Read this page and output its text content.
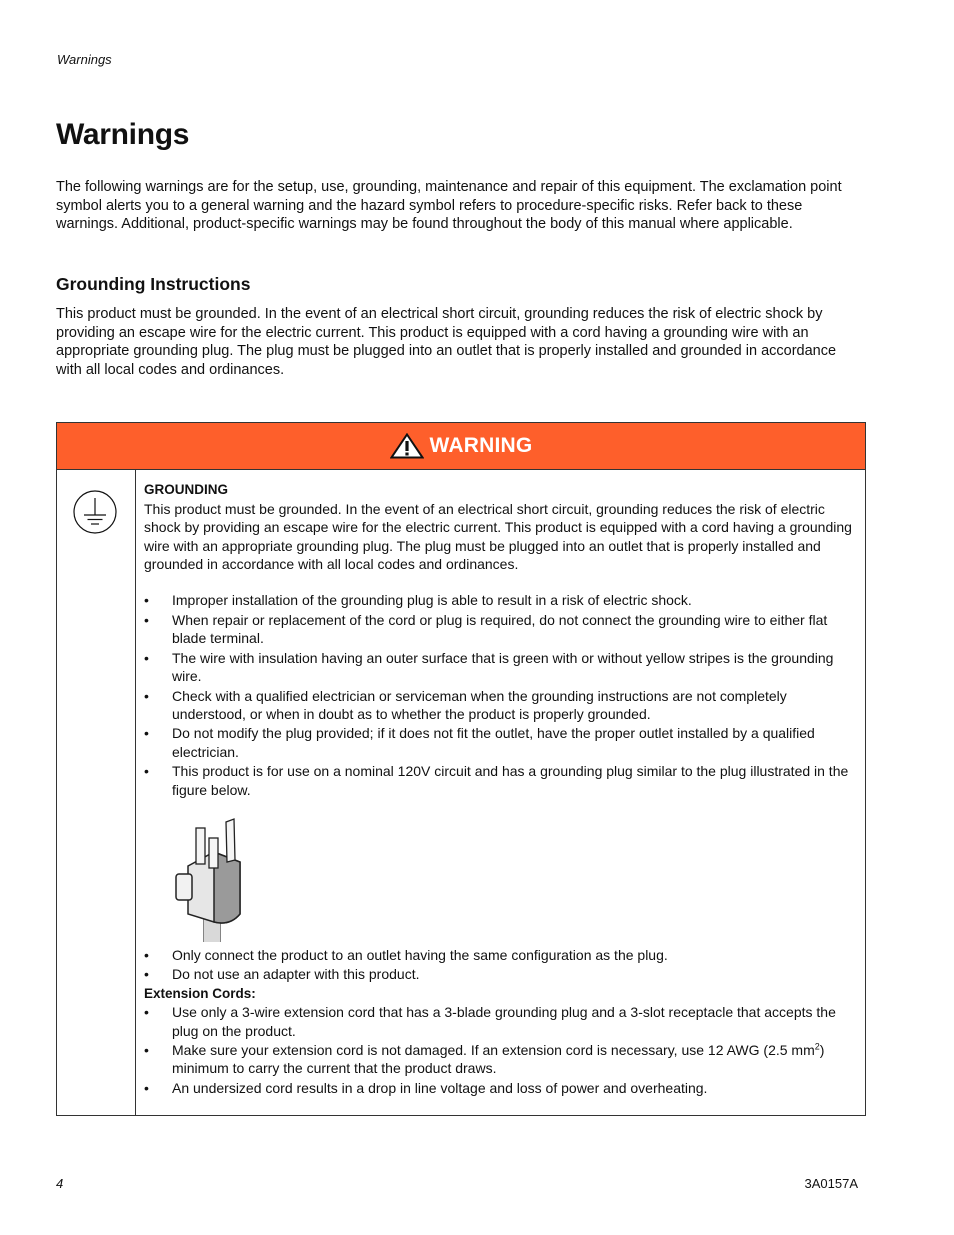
Warnings
Warnings

The following warnings are for the setup, use, grounding, maintenance and repair of this equipment. The exclamation point symbol alerts you to a general warning and the hazard symbol refers to procedure-specific risks. Refer back to these warnings. Additional, product-specific warnings may be found throughout the body of this manual where applicable.

Grounding Instructions

This product must be grounded. In the event of an electrical short circuit, grounding reduces the risk of electric shock by providing an escape wire for the electric current. This product is equipped with a cord having a grounding wire with an appropriate grounding plug. The plug must be plugged into an outlet that is properly installed and grounded in accordance with all local codes and ordinances.

WARNING

GROUNDING

This product must be grounded. In the event of an electrical short circuit, grounding reduces the risk of electric shock by providing an escape wire for the electric current. This product is equipped with a cord having a grounding wire with an appropriate grounding plug. The plug must be plugged into an outlet that is properly installed and grounded in accordance with all local codes and ordinances.

• Improper installation of the grounding plug is able to result in a risk of electric shock.
• When repair or replacement of the cord or plug is required, do not connect the grounding wire to either flat blade terminal.
• The wire with insulation having an outer surface that is green with or without yellow stripes is the grounding wire.
• Check with a qualified electrician or serviceman when the grounding instructions are not completely understood, or when in doubt as to whether the product is properly grounded.
• Do not modify the plug provided; if it does not fit the outlet, have the proper outlet installed by a qualified electrician.
• This product is for use on a nominal 120V circuit and has a grounding plug similar to the plug illustrated in the figure below.
• Only connect the product to an outlet having the same configuration as the plug.
• Do not use an adapter with this product.

Extension Cords:

• Use only a 3-wire extension cord that has a 3-blade grounding plug and a 3-slot receptacle that accepts the plug on the product.
• Make sure your extension cord is not damaged. If an extension cord is necessary, use 12 AWG (2.5 $mm^2$) minimum to carry the current that the product draws.
• An undersized cord results in a drop in line voltage and loss of power and overheating.
4	3A0157A
